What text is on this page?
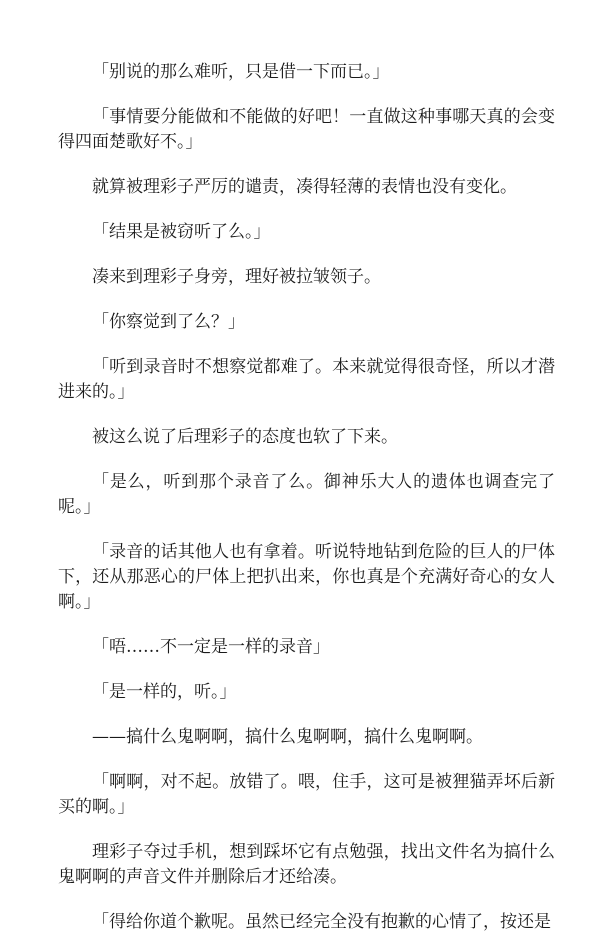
「别说的那么难听，只是借一下而已。」

「事情要分能做和不能做的好吧！一直做这种事哪天真的会变得四面楚歌好不。」

就算被理彩子严厉的谴责，凑得轻薄的表情也没有变化。

「结果是被窃听了么。」

凑来到理彩子身旁，理好被拉皱领子。

「你察觉到了么？」

「听到录音时不想察觉都难了。本来就觉得很奇怪，所以才潜进来的。」

被这么说了后理彩子的态度也软了下来。

「是么，听到那个录音了么。御神乐大人的遗体也调查完了呢。」

「录音的话其他人也有拿着。听说特地钻到危险的巨人的尸体下，还从那恶心的尸体上把扒出来，你也真是个充满好奇心的女人啊。」

「唔……不一定是一样的录音」

「是一样的，听。」

——搞什么鬼啊啊，搞什么鬼啊啊，搞什么鬼啊啊。

「啊啊，对不起。放错了。喂，住手，这可是被狸猫弄坏后新买的啊。」

理彩子夺过手机，想到踩坏它有点勉强，找出文件名为搞什么鬼啊啊的声音文件并删除后才还给凑。

「得给你道个歉呢。虽然已经完全没有抱歉的心情了，按还是
